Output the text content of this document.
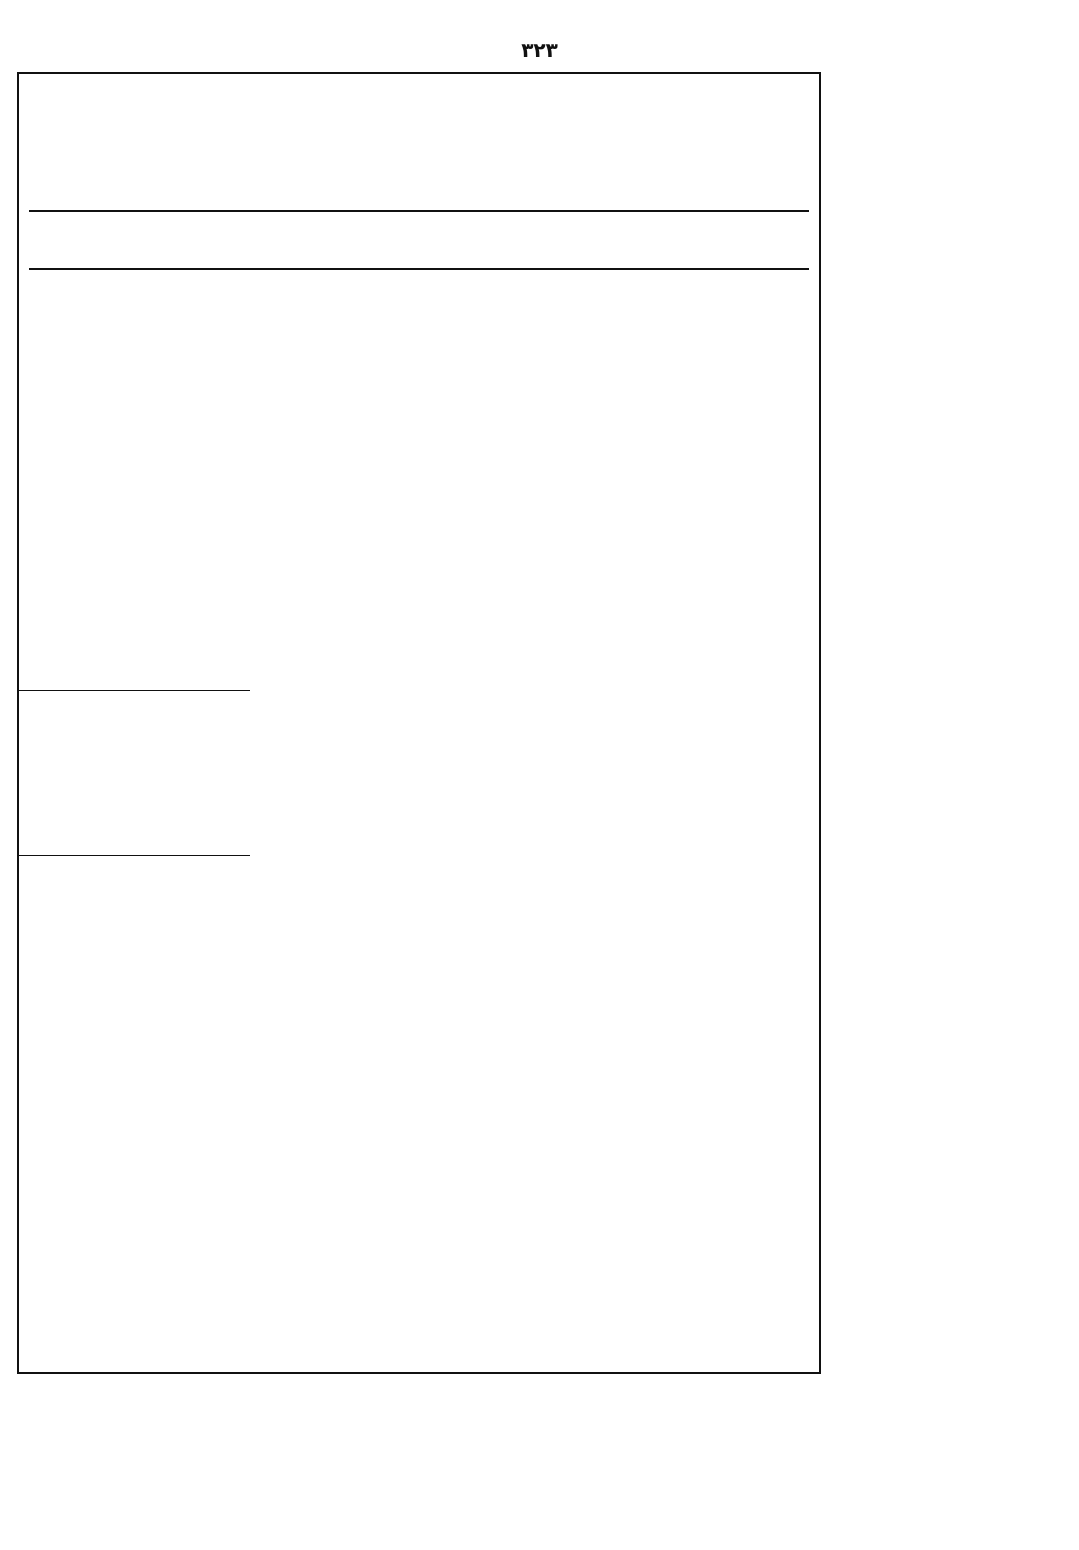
٣٢٣
